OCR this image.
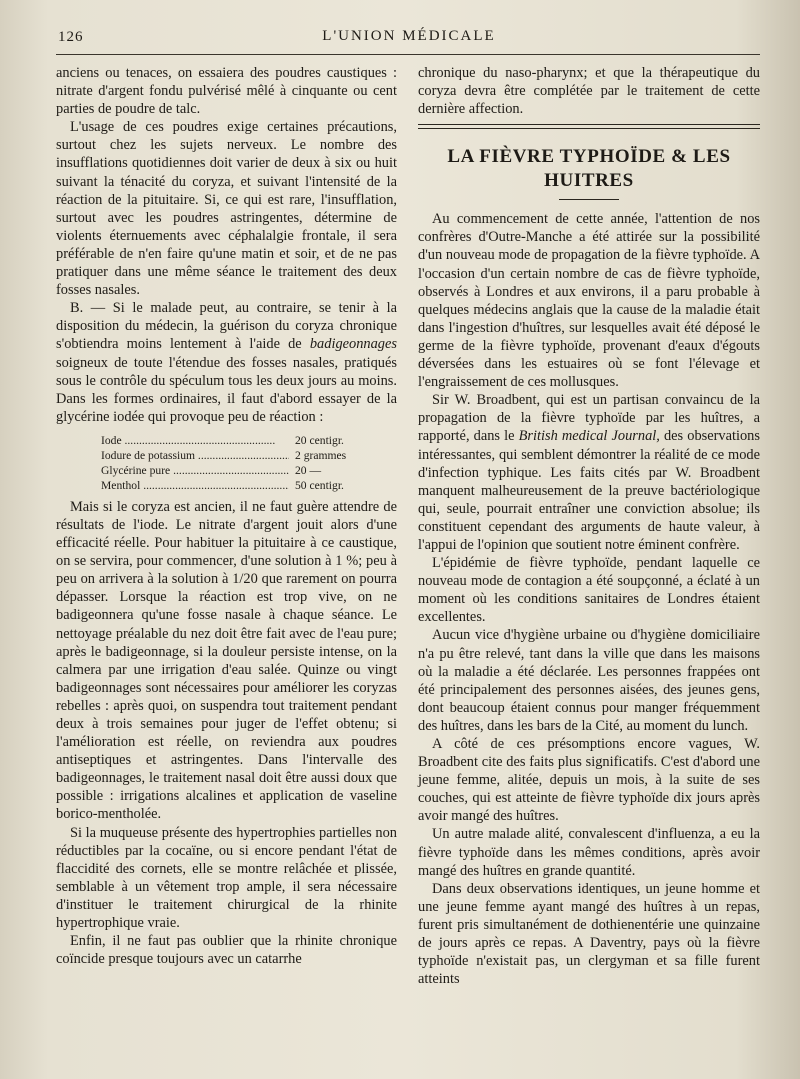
126	L'UNION MÉDICALE

anciens ou tenaces, on essaiera des poudres caustiques : nitrate d'argent fondu pulvérisé mêlé à cinquante ou cent parties de poudre de talc.

L'usage de ces poudres exige certaines précautions, surtout chez les sujets nerveux. Le nombre des insufflations quotidiennes doit varier de deux à six ou huit suivant la ténacité du coryza, et suivant l'intensité de la réaction de la pituitaire. Si, ce qui est rare, l'insufflation, surtout avec les poudres astringentes, détermine de violents éternuements avec céphalalgie frontale, il sera préférable de n'en faire qu'une matin et soir, et de ne pas pratiquer dans une même séance le traitement des deux fosses nasales.

B. — Si le malade peut, au contraire, se tenir à la disposition du médecin, la guérison du coryza chronique s'obtiendra moins lentement à l'aide de badigeonnages soigneux de toute l'étendue des fosses nasales, pratiqués sous le contrôle du spéculum tous les deux jours au moins. Dans les formes ordinaires, il faut d'abord essayer de la glycérine iodée qui provoque peu de réaction :

Iode .....	20 centigr.
Iodure de potassium .....	2 grammes
Glycérine pure .....	20 —
Menthol .....	50 centigr.

Mais si le coryza est ancien, il ne faut guère attendre de résultats de l'iode. Le nitrate d'argent jouit alors d'une efficacité réelle. Pour habituer la pituitaire à ce caustique, on se servira, pour commencer, d'une solution à 1 %; peu à peu on arrivera à la solution à 1/20 que rarement on pourra dépasser. Lorsque la réaction est trop vive, on ne badigeonnera qu'une fosse nasale à chaque séance. Le nettoyage préalable du nez doit être fait avec de l'eau pure; après le badigeonnage, si la douleur persiste intense, on la calmera par une irrigation d'eau salée. Quinze ou vingt badigeonnages sont nécessaires pour améliorer les coryzas rebelles : après quoi, on suspendra tout traitement pendant deux à trois semaines pour juger de l'effet obtenu; si l'amélioration est réelle, on reviendra aux poudres antiseptiques et astringentes. Dans l'intervalle des badigeonnages, le traitement nasal doit être aussi doux que possible : irrigations alcalines et application de vaseline borico-mentholée.

Si la muqueuse présente des hypertrophies partielles non réductibles par la cocaïne, ou si encore pendant l'état de flaccidité des cornets, elle se montre relâchée et plissée, semblable à un vêtement trop ample, il sera nécessaire d'instituer le traitement chirurgical de la rhinite hypertrophique vraie.

Enfin, il ne faut pas oublier que la rhinite chronique coïncide presque toujours avec un catarrhe

chronique du naso-pharynx; et que la thérapeutique du coryza devra être complétée par le traitement de cette dernière affection.

LA FIÈVRE TYPHOÏDE & LES HUITRES

Au commencement de cette année, l'attention de nos confrères d'Outre-Manche a été attirée sur la possibilité d'un nouveau mode de propagation de la fièvre typhoïde. A l'occasion d'un certain nombre de cas de fièvre typhoïde, observés à Londres et aux environs, il a paru probable à quelques médecins anglais que la cause de la maladie était dans l'ingestion d'huîtres, sur lesquelles avait été déposé le germe de la fièvre typhoïde, provenant d'eaux d'égouts déversées dans les estuaires où se font l'élevage et l'engraissement de ces mollusques.

Sir W. Broadbent, qui est un partisan convaincu de la propagation de la fièvre typhoïde par les huîtres, a rapporté, dans le British medical Journal, des observations intéressantes, qui semblent démontrer la réalité de ce mode d'infection typhique. Les faits cités par W. Broadbent manquent malheureusement de la preuve bactériologique qui, seule, pourrait entraîner une conviction absolue; ils constituent cependant des arguments de haute valeur, à l'appui de l'opinion que soutient notre éminent confrère.

L'épidémie de fièvre typhoïde, pendant laquelle ce nouveau mode de contagion a été soupçonné, a éclaté à un moment où les conditions sanitaires de Londres étaient excellentes.

Aucun vice d'hygiène urbaine ou d'hygiène domiciliaire n'a pu être relevé, tant dans la ville que dans les maisons où la maladie a été déclarée. Les personnes frappées ont été principalement des personnes aisées, des jeunes gens, dont beaucoup étaient connus pour manger fréquemment des huîtres, dans les bars de la Cité, au moment du lunch.

A côté de ces présomptions encore vagues, W. Broadbent cite des faits plus significatifs. C'est d'abord une jeune femme, alitée, depuis un mois, à la suite de ses couches, qui est atteinte de fièvre typhoïde dix jours après avoir mangé des huîtres.

Un autre malade alité, convalescent d'influenza, a eu la fièvre typhoïde dans les mêmes conditions, après avoir mangé des huîtres en grande quantité.

Dans deux observations identiques, un jeune homme et une jeune femme ayant mangé des huîtres à un repas, furent pris simultanément de dothienentérie une quinzaine de jours après ce repas. A Daventry, pays où la fièvre typhoïde n'existait pas, un clergyman et sa fille furent atteints
